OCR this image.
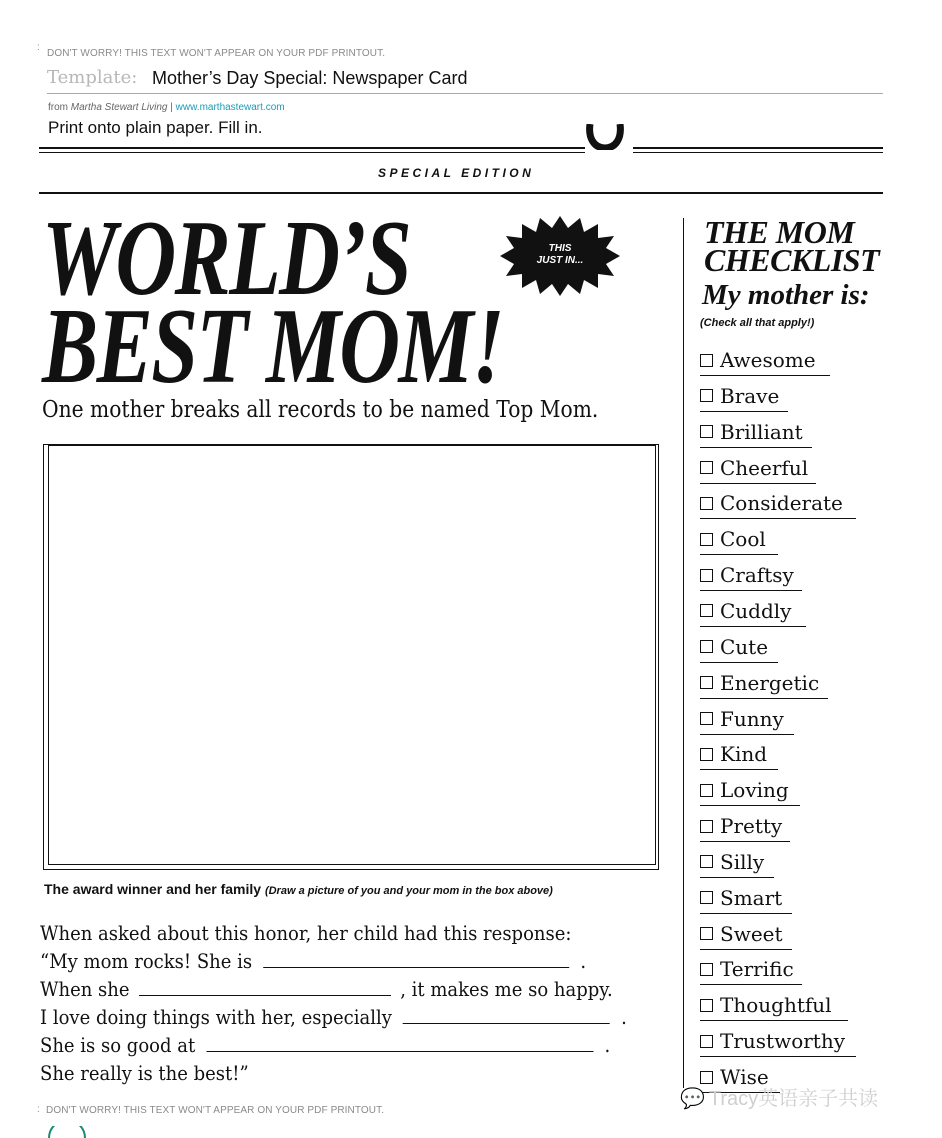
:
DON'T WORRY! THIS TEXT WON'T APPEAR ON YOUR PDF PRINTOUT.
Template: Mother’s Day Special: Newspaper Card
from Martha Stewart Living | www.marthastewart.com
Print onto plain paper. Fill in.
SPECIAL EDITION
WORLD’S
BEST MOM!
THIS
JUST IN...
One mother breaks all records to be named Top Mom.
The award winner and her family (Draw a picture of you and your mom in the box above)
When asked about this honor, her child had this response:
“My mom rocks! She is	.
When she	, it makes me so happy.
I love doing things with her, especially	.
She is so good at	.
She really is the best!”
THE MOM
CHECKLIST
My mother is:
(Check all that apply!)
Awesome
Brave
Brilliant
Cheerful
Considerate
Cool
Craftsy
Cuddly
Cute
Energetic
Funny
Kind
Loving
Pretty
Silly
Smart
Sweet
Terrific
Thoughtful
Trustworthy
Wise
: DON'T WORRY! THIS TEXT WON'T APPEAR ON YOUR PDF PRINTOUT.
💬 Tracy英语亲子共读
